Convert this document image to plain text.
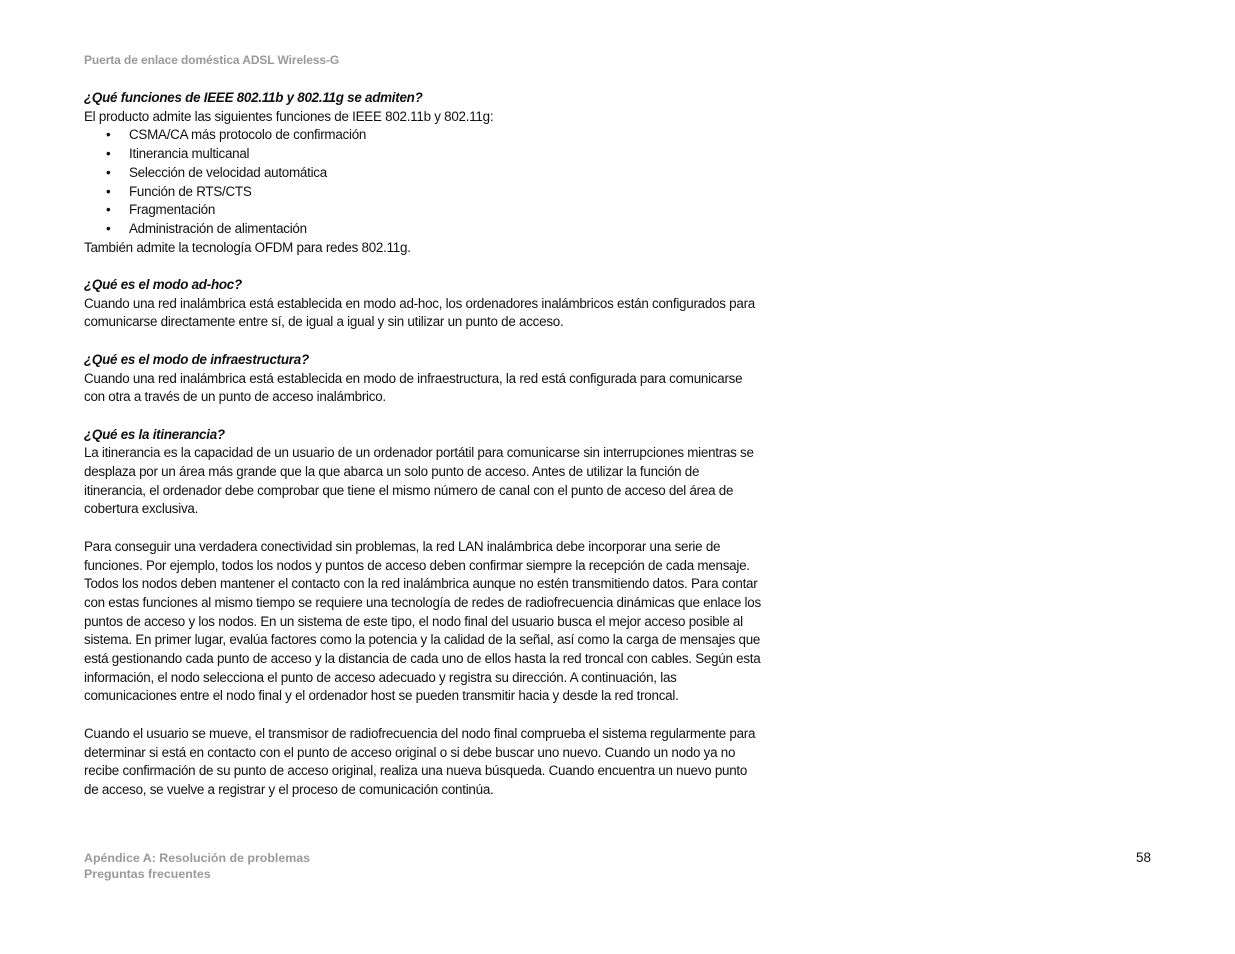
Puerta de enlace doméstica ADSL Wireless-G

¿Qué funciones de IEEE 802.11b y 802.11g se admiten?

El producto admite las siguientes funciones de IEEE 802.11b y 802.11g:

• CSMA/CA más protocolo de confirmación
• Itinerancia multicanal
• Selección de velocidad automática
• Función de RTS/CTS
• Fragmentación
• Administración de alimentación

También admite la tecnología OFDM para redes 802.11g.

¿Qué es el modo ad-hoc?

Cuando una red inalámbrica está establecida en modo ad-hoc, los ordenadores inalámbricos están configurados para comunicarse directamente entre sí, de igual a igual y sin utilizar un punto de acceso.

¿Qué es el modo de infraestructura?

Cuando una red inalámbrica está establecida en modo de infraestructura, la red está configurada para comunicarse con otra a través de un punto de acceso inalámbrico.

¿Qué es la itinerancia?

La itinerancia es la capacidad de un usuario de un ordenador portátil para comunicarse sin interrupciones mientras se desplaza por un área más grande que la que abarca un solo punto de acceso. Antes de utilizar la función de itinerancia, el ordenador debe comprobar que tiene el mismo número de canal con el punto de acceso del área de cobertura exclusiva.

Para conseguir una verdadera conectividad sin problemas, la red LAN inalámbrica debe incorporar una serie de funciones. Por ejemplo, todos los nodos y puntos de acceso deben confirmar siempre la recepción de cada mensaje. Todos los nodos deben mantener el contacto con la red inalámbrica aunque no estén transmitiendo datos. Para contar con estas funciones al mismo tiempo se requiere una tecnología de redes de radiofrecuencia dinámicas que enlace los puntos de acceso y los nodos. En un sistema de este tipo, el nodo final del usuario busca el mejor acceso posible al sistema. En primer lugar, evalúa factores como la potencia y la calidad de la señal, así como la carga de mensajes que está gestionando cada punto de acceso y la distancia de cada uno de ellos hasta la red troncal con cables. Según esta información, el nodo selecciona el punto de acceso adecuado y registra su dirección. A continuación, las comunicaciones entre el nodo final y el ordenador host se pueden transmitir hacia y desde la red troncal.

Cuando el usuario se mueve, el transmisor de radiofrecuencia del nodo final comprueba el sistema regularmente para determinar si está en contacto con el punto de acceso original o si debe buscar uno nuevo. Cuando un nodo ya no recibe confirmación de su punto de acceso original, realiza una nueva búsqueda. Cuando encuentra un nuevo punto de acceso, se vuelve a registrar y el proceso de comunicación continúa.

Apéndice A: Resolución de problemas
Preguntas frecuentes
58
